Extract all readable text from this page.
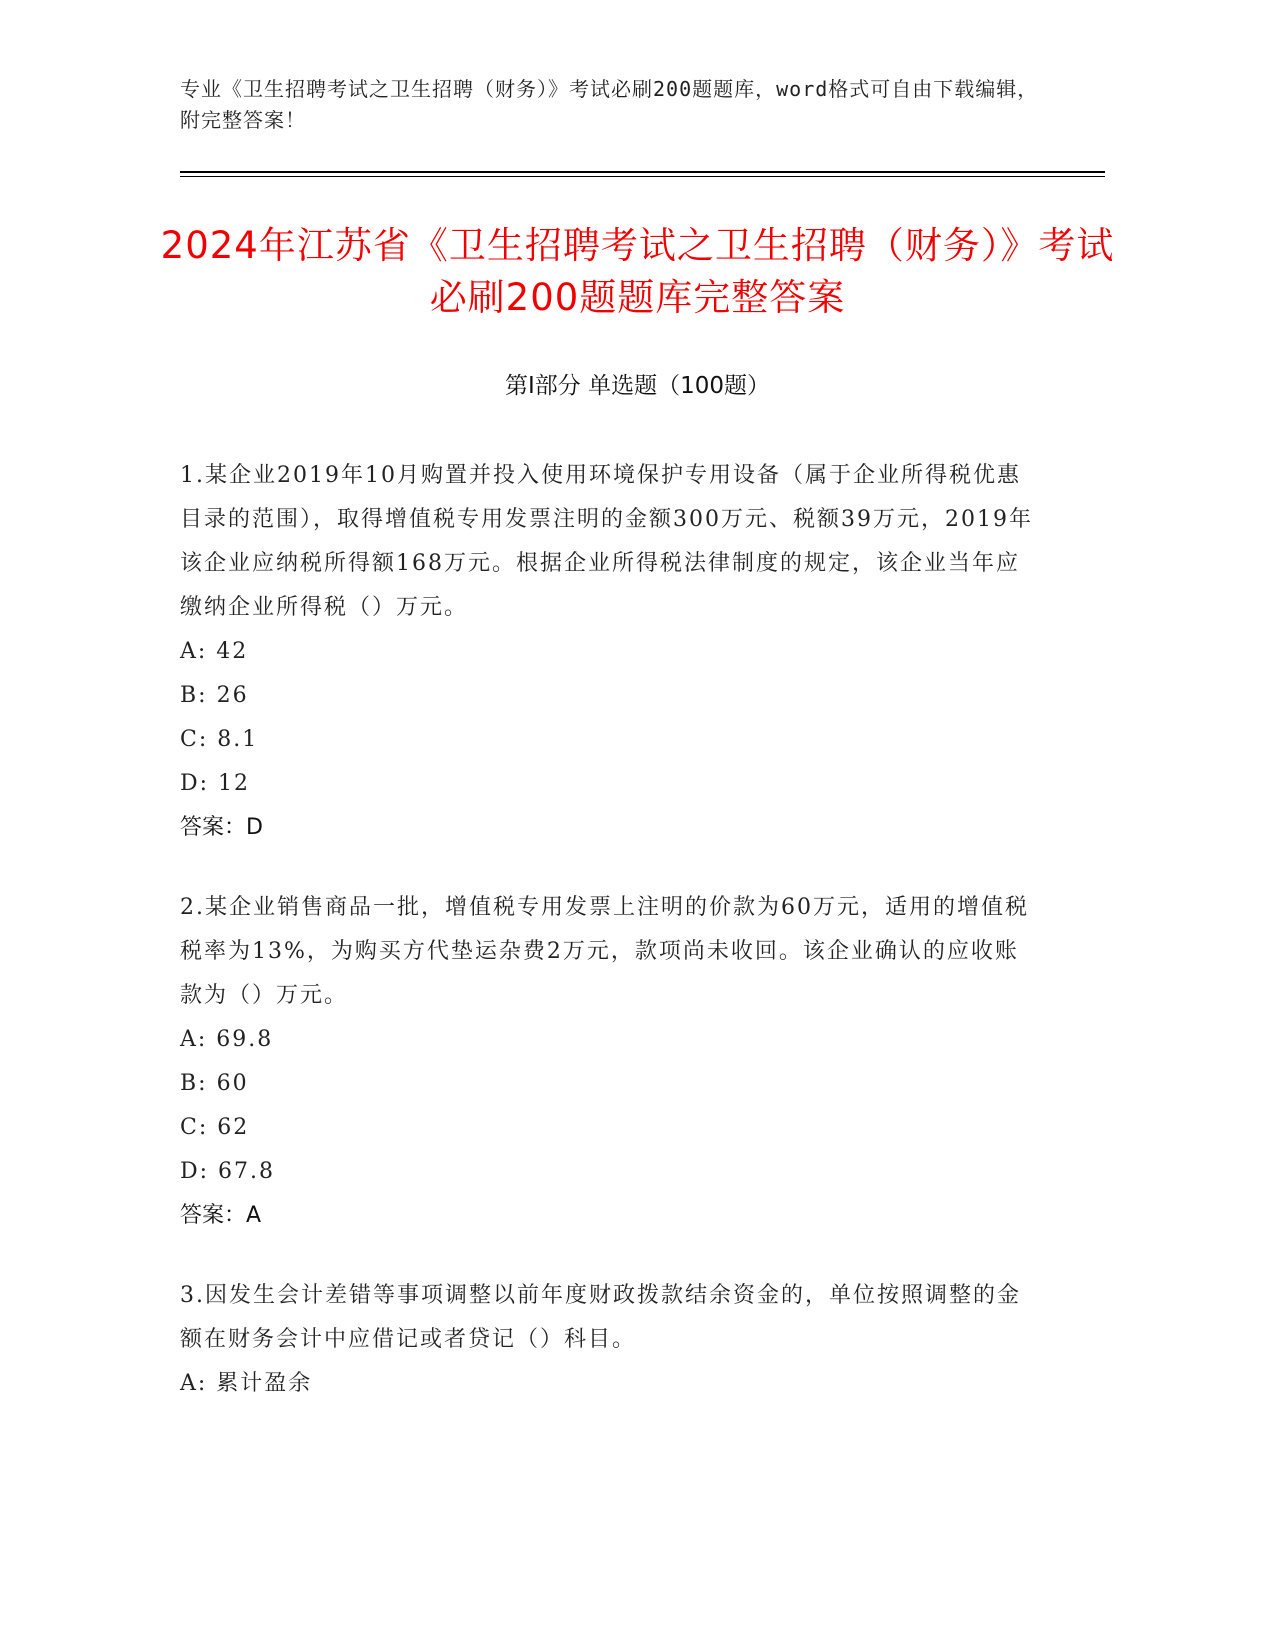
专业《卫生招聘考试之卫生招聘（财务）》考试必刷200题题库，word格式可自由下载编辑，附完整答案！
2024年江苏省《卫生招聘考试之卫生招聘（财务）》考试必刷200题题库完整答案
第I部分 单选题（100题）

1.某企业2019年10月购置并投入使用环境保护专用设备（属于企业所得税优惠目录的范围），取得增值税专用发票注明的金额300万元、税额39万元，2019年该企业应纳税所得额168万元。根据企业所得税法律制度的规定，该企业当年应缴纳企业所得税（）万元。

A: 42

B: 26

C: 8.1

D: 12

答案：D

2.某企业销售商品一批，增值税专用发票上注明的价款为60万元，适用的增值税税率为13%，为购买方代垫运杂费2万元，款项尚未收回。该企业确认的应收账款为（）万元。

A: 69.8

B: 60

C: 62

D: 67.8

答案：A

3.因发生会计差错等事项调整以前年度财政拨款结余资金的，单位按照调整的金额在财务会计中应借记或者贷记（）科目。

A: 累计盈余
